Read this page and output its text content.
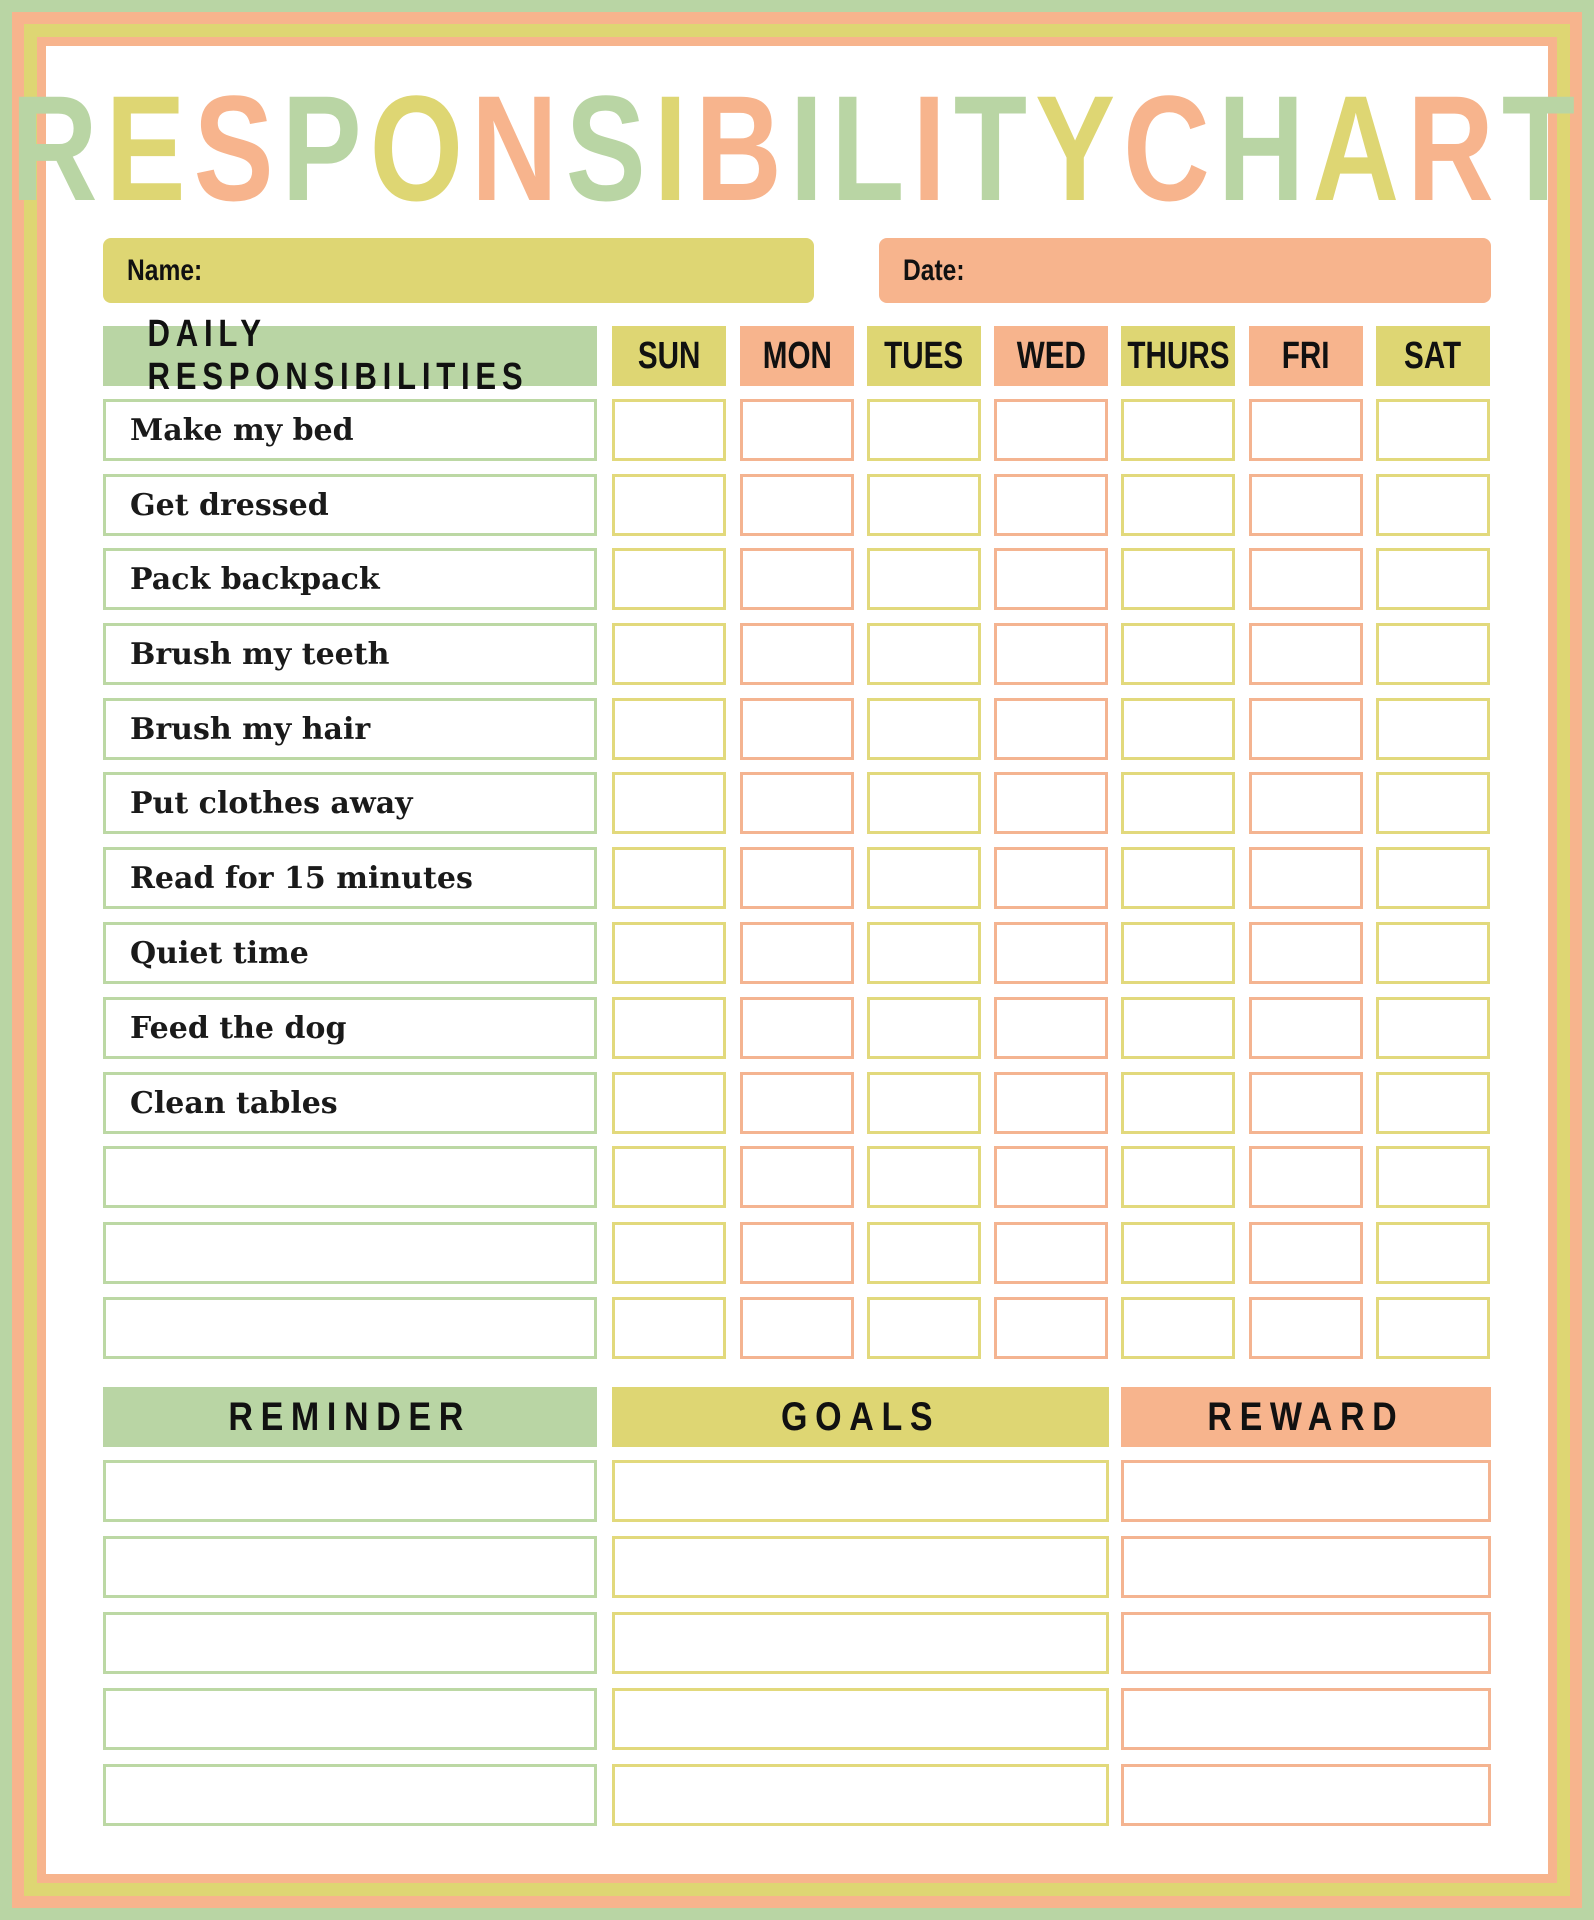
R E S P O N S I B I L I T Y C H A R T
Name:	Date:
DAILY RESPONSIBILITIES
SUN MON TUES WED THURS FRI SAT
Make my bed
Get dressed
Pack backpack
Brush my teeth
Brush my hair
Put clothes away
Read for 15 minutes
Quiet time
Feed the dog
Clean tables
REMINDER	GOALS	REWARD
